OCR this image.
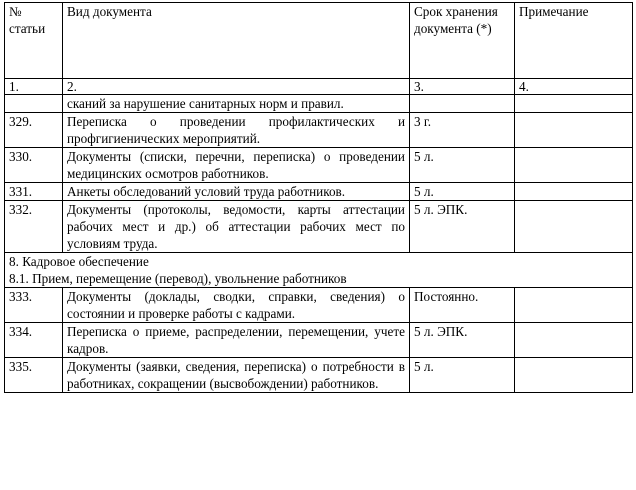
№ статьи	Вид документа	Срок хранения документа (*)	Примечание
1.	2.	3.	4.
	сканий за нарушение санитарных норм и правил.		
329.	Переписка о проведении профилактических и профгигиенических мероприятий.	3 г.	
330.	Документы (списки, перечни, переписка) о проведении медицинских осмотров работников.	5 л.	
331.	Анкеты обследований условий труда работников.	5 л.	
332.	Документы (протоколы, ведомости, карты аттестации рабочих мест и др.) об аттестации рабочих мест по условиям труда.	5 л. ЭПК.	

8. Кадровое обеспечение
8.1. Прием, перемещение (перевод), увольнение работников			

333.	Документы (доклады, сводки, справки, сведения) о состоянии и проверке работы с кадрами.	Постоянно.	
334.	Переписка о приеме, распределении, перемещении, учете кадров.	5 л. ЭПК.	
335.	Документы (заявки, сведения, переписка) о потребности в работниках, сокращении (высвобождении) работников.	5 л.	
